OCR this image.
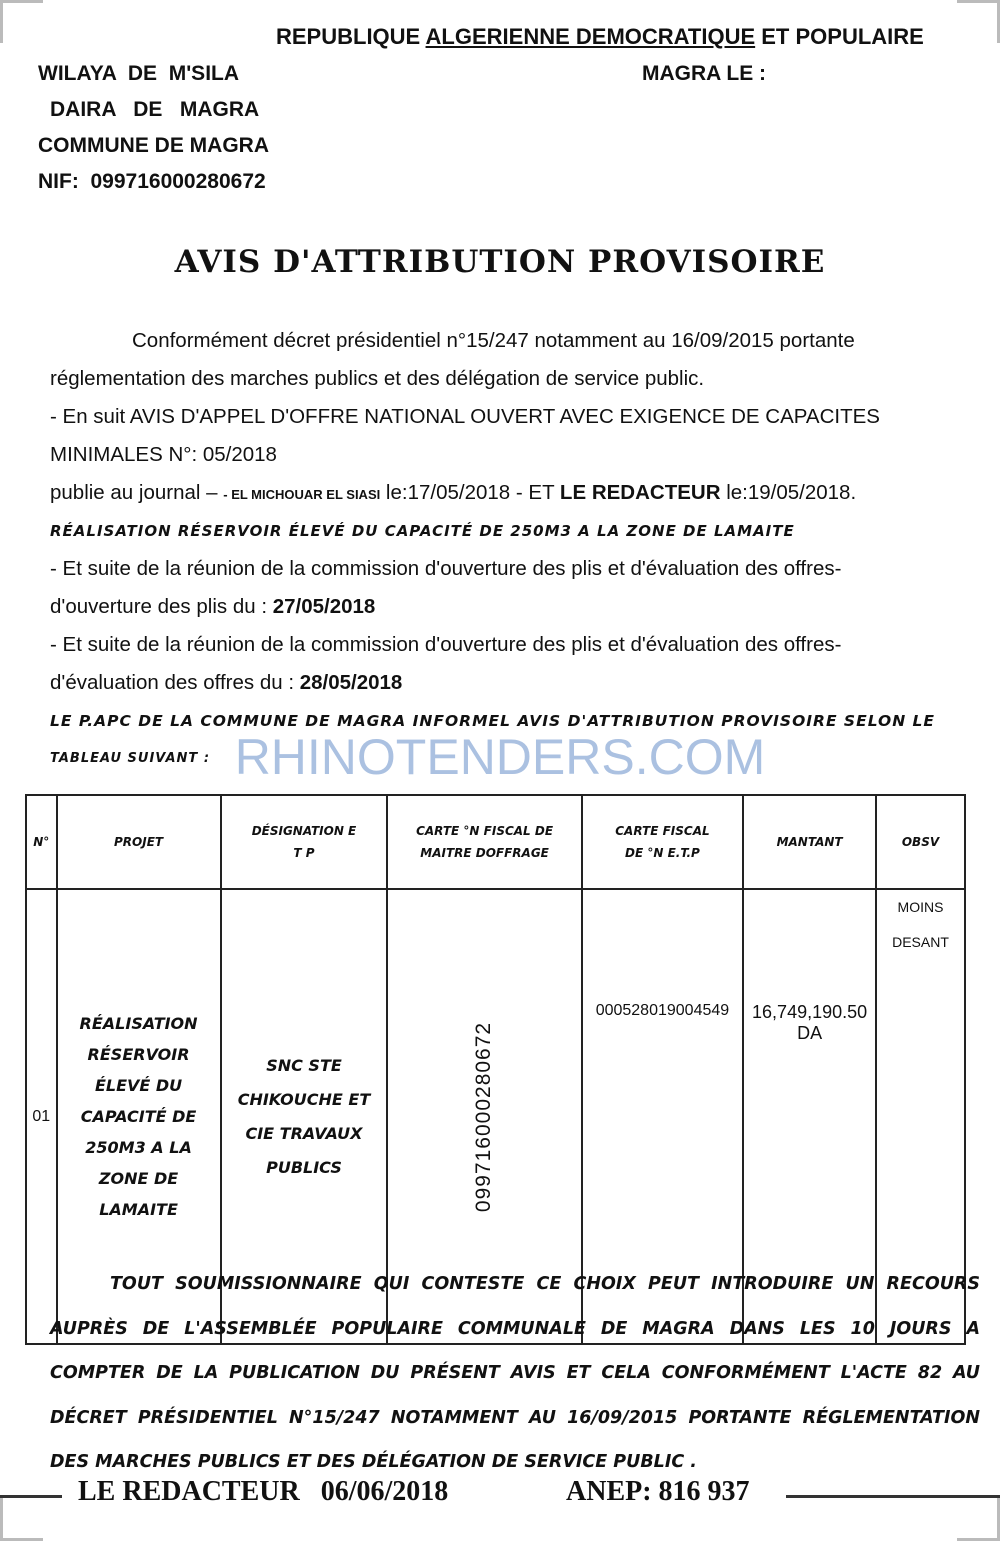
REPUBLIQUE ALGERIENNE DEMOCRATIQUE ET POPULAIRE
WILAYA  DE  M'SILA
DAIRA   DE   MAGRA
COMMUNE DE MAGRA
NIF:  099716000280672
MAGRA LE :
AVIS D'ATTRIBUTION PROVISOIRE
Conformément décret présidentiel n°15/247 notamment au 16/09/2015 portante
réglementation des marches publics et des délégation de service public.
- En suit AVIS D'APPEL D'OFFRE NATIONAL OUVERT AVEC EXIGENCE DE CAPACITES
MINIMALES N°: 05/2018
publie au journal – - EL MICHOUAR EL SIASI le:17/05/2018 - ET LE REDACTEUR le:19/05/2018.
RÉALISATION RÉSERVOIR ÉLEVÉ DU CAPACITÉ DE 250M3 A LA ZONE DE LAMAITE
- Et suite de la réunion de la commission d'ouverture des plis et d'évaluation des offres-
d'ouverture des plis du : 27/05/2018
- Et suite de la réunion de la commission d'ouverture des plis et d'évaluation des offres-
d'évaluation des offres du : 28/05/2018
LE P.APC DE LA COMMUNE DE MAGRA INFORMEL AVIS D'ATTRIBUTION PROVISOIRE SELON LE
TABLEAU SUIVANT : RHINOTENDERS.COM
N°	PROJET	DÉSIGNATION E T P	CARTE °N FISCAL DE MAITRE DOFFRAGE	CARTE FISCAL DE °N E.T.P	MANTANT	OBSV
01	RÉALISATION RÉSERVOIR ÉLEVÉ DU CAPACITÉ DE 250M3 A LA ZONE DE LAMAITE	SNC STE CHIKOUCHE ET CIE TRAVAUX PUBLICS	099716000280672	000528019004549	16,749,190.50 DA	MOINS DESANT
TOUT SOUMISSIONNAIRE QUI CONTESTE CE CHOIX PEUT INTRODUIRE UN RECOURS AUPRÈS DE L'ASSEMBLÉE POPULAIRE COMMUNALE DE MAGRA DANS LES 10 JOURS A COMPTER DE LA PUBLICATION DU PRÉSENT AVIS ET CELA CONFORMÉMENT L'ACTE 82 AU DÉCRET PRÉSIDENTIEL N°15/247 NOTAMMENT AU 16/09/2015 PORTANTE RÉGLEMENTATION DES MARCHES PUBLICS ET DES DÉLÉGATION DE SERVICE PUBLIC .
LE REDACTEUR   06/06/2018	ANEP: 816 937
